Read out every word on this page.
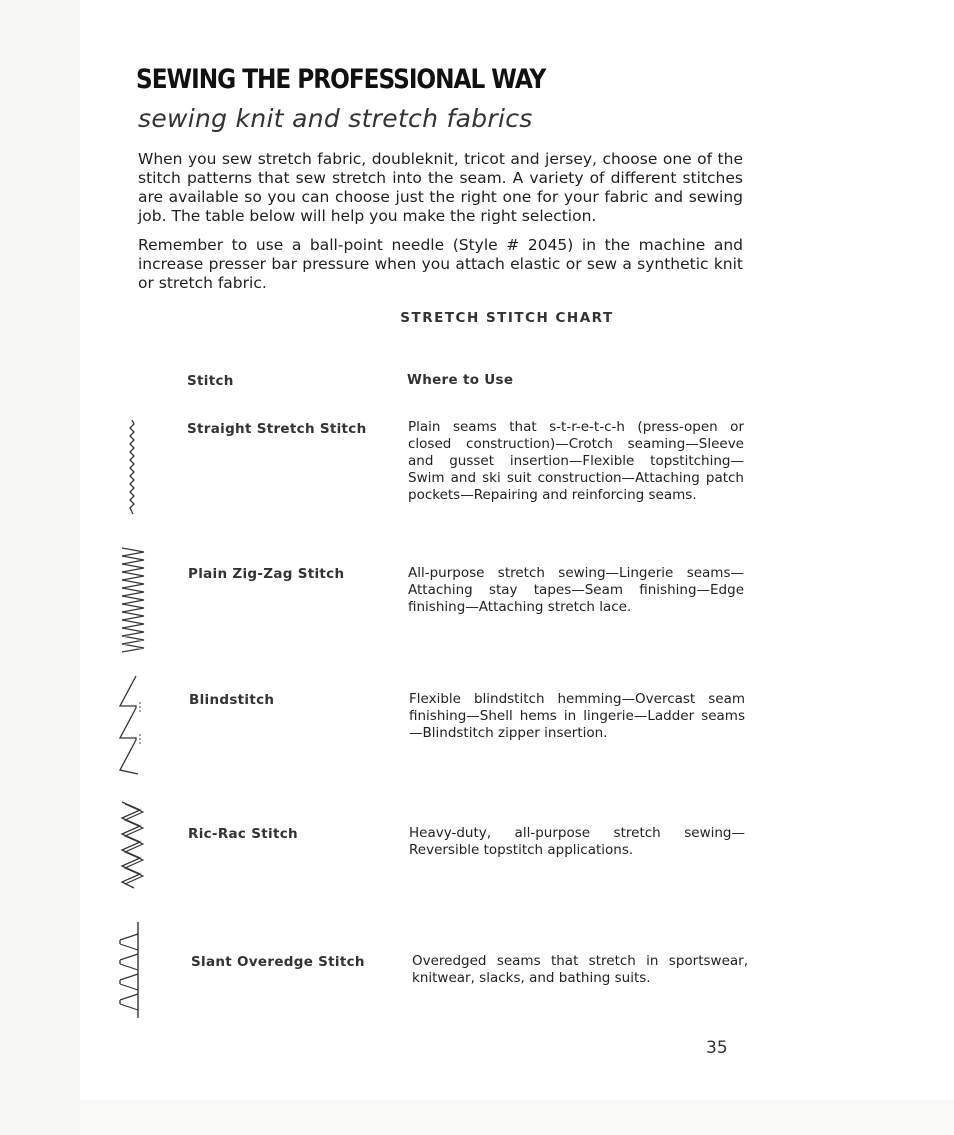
SEWING THE PROFESSIONAL WAY
sewing knit and stretch fabrics

When you sew stretch fabric, doubleknit, tricot and jersey, choose one of the stitch patterns that sew stretch into the seam. A variety of different stitches are available so you can choose just the right one for your fabric and sewing job. The table below will help you make the right selection.

Remember to use a ball-point needle (Style # 2045) in the machine and increase presser bar pressure when you attach elastic or sew a synthetic knit or stretch fabric.

STRETCH STITCH CHART
Stitch	Where to Use
Straight Stretch Stitch	Plain seams that s-t-r-e-t-c-h (press-open or closed construction)—Crotch seaming—Sleeve and gusset insertion—Flexible topstitching—Swim and ski suit construction—Attaching patch pockets—Repairing and reinforcing seams.
Plain Zig-Zag Stitch	All-purpose stretch sewing—Lingerie seams—Attaching stay tapes—Seam finishing—Edge finishing—Attaching stretch lace.
Blindstitch	Flexible blindstitch hemming—Overcast seam finishing—Shell hems in lingerie—Ladder seams —Blindstitch zipper insertion.
Ric-Rac Stitch	Heavy-duty, all-purpose stretch sewing—Reversible topstitch applications.
Slant Overedge Stitch	Overedged seams that stretch in sportswear, knitwear, slacks, and bathing suits.
35
